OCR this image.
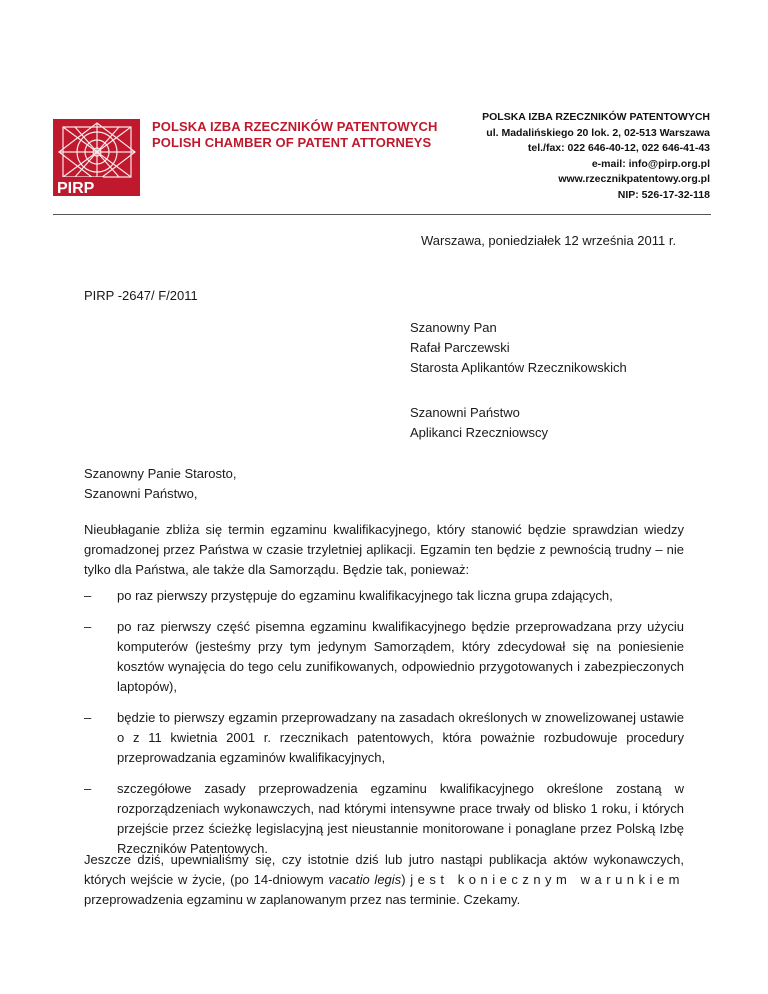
PIRP
POLSKA IZBA RZECZNIKÓW PATENTOWYCH
POLISH CHAMBER OF PATENT ATTORNEYS
POLSKA IZBA RZECZNIKÓW PATENTOWYCH
ul. Madalińskiego 20 lok. 2, 02-513 Warszawa
tel./fax: 022 646-40-12, 022 646-41-43
e-mail: info@pirp.org.pl
www.rzecznikpatentowy.org.pl
NIP: 526-17-32-118
Warszawa, poniedziałek 12 września 2011 r.
PIRP -2647/ F/2011
Szanowny Pan
Rafał Parczewski
Starosta Aplikantów Rzecznikowskich
Szanowni Państwo
Aplikanci Rzeczniowscy
Szanowny Panie Starosto,
Szanowni Państwo,
Nieubłaganie zbliża się termin egzaminu kwalifikacyjnego, który stanowić będzie sprawdzian wiedzy gromadzonej przez Państwa w czasie trzyletniej aplikacji. Egzamin ten będzie z pewnością trudny – nie tylko dla Państwa, ale także dla Samorządu. Będzie tak, ponieważ:
– po raz pierwszy przystępuje do egzaminu kwalifikacyjnego tak liczna grupa zdających,
– po raz pierwszy część pisemna egzaminu kwalifikacyjnego będzie przeprowadzana przy użyciu komputerów (jesteśmy przy tym jedynym Samorządem, który zdecydował się na poniesienie kosztów wynajęcia do tego celu zunifikowanych, odpowiednio przygotowanych i zabezpieczonych laptopów),
– będzie to pierwszy egzamin przeprowadzany na zasadach określonych w znowelizowanej ustawie o z 11 kwietnia 2001 r. rzecznikach patentowych, która poważnie rozbudowuje procedury przeprowadzania egzaminów kwalifikacyjnych,
– szczegółowe zasady przeprowadzenia egzaminu kwalifikacyjnego określone zostaną w rozporządzeniach wykonawczych, nad którymi intensywne prace trwały od blisko 1 roku, i których przejście przez ścieżkę legislacyjną jest nieustannie monitorowane i ponaglane przez Polską Izbę Rzeczników Patentowych.
Jeszcze dziś, upewnialiśmy się, czy istotnie dziś lub jutro nastąpi publikacja aktów wykonawczych, których wejście w życie, (po 14-dniowym vacatio legis) jest koniecznym warunkiem przeprowadzenia egzaminu w zaplanowanym przez nas terminie. Czekamy.
